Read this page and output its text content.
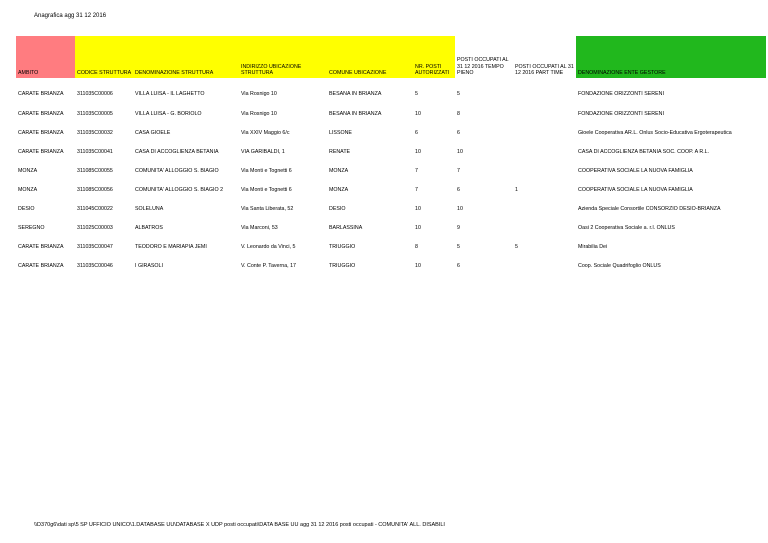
Anagrafica agg 31 12 2016
AMBITO	CODICE STRUTTURA	DENOMINAZIONE STRUTTURA	INDIRIZZO UBICAZIONE STRUTTURA	COMUNE UBICAZIONE	NR. POSTI AUTORIZZATI	POSTI OCCUPATI AL 31 12 2016 TEMPO PIENO	POSTI OCCUPATI AL 31 12 2016 PART TIME	DENOMINAZIONE ENTE GESTORE
CARATE BRIANZA	311035C00006	VILLA LUISA - IL LAGHETTO	Via Rosnigo 10	BESANA IN BRIANZA	5	5		FONDAZIONE ORIZZONTI SERENI
CARATE BRIANZA	311035C00005	VILLA LUISA - G. BORIOLO	Via Rosnigo 10	BESANA IN BRIANZA	10	8		FONDAZIONE ORIZZONTI SERENI
CARATE BRIANZA	311035C00032	CASA GIOELE	Via XXIV Maggio 6/c	LISSONE	6	6		Gioele Cooperativa AR.L. Onlus Socio-Educativa Ergoterapeutica
CARATE BRIANZA	311035C00041	CASA DI ACCOGLIENZA BETANIA	VIA GARIBALDI, 1	RENATE	10	10		CASA DI ACCOGLIENZA BETANIA SOC. COOP. A R.L.
MONZA	311085C00055	COMUNITA' ALLOGGIO S. BIAGIO	Via Monti e Tognetti 6	MONZA	7	7		COOPERATIVA SOCIALE LA NUOVA FAMIGLIA
MONZA	311085C00056	COMUNITA' ALLOGGIO S. BIAGIO 2	Via Monti e Tognetti 6	MONZA	7	6	1	COOPERATIVA SOCIALE LA NUOVA FAMIGLIA
DESIO	311045C00022	SOLELUNA	Via Santa Liberata, 52	DESIO	10	10		Azienda Speciale Consortile CONSORZIO DESIO-BRIANZA
SEREGNO	311025C00003	ALBATROS	Via Marconi, 53	BARLASSINA	10	9		Oasi 2 Cooperativa Sociale a. r.l. ONLUS
CARATE BRIANZA	311035C00047	TEODORO E MARIAPIA JEMI	V. Leonardo da Vinci, 5	TRIUGGIO	8	5	5	Mirabilia Dei
CARATE BRIANZA	311035C00046	I GIRASOLI	V. Conte P. Taverna, 17	TRIUGGIO	10	6		Coop. Sociale Quadrifoglio ONLUS
\\D370g6\dati sp\5 SP UFFICIO UNICO\1.DATABASE UU\DATABASE X UDP posti occupati\DATA BASE UU agg 31 12 2016 posti occupati - COMUNITA' ALL. DISABILI
